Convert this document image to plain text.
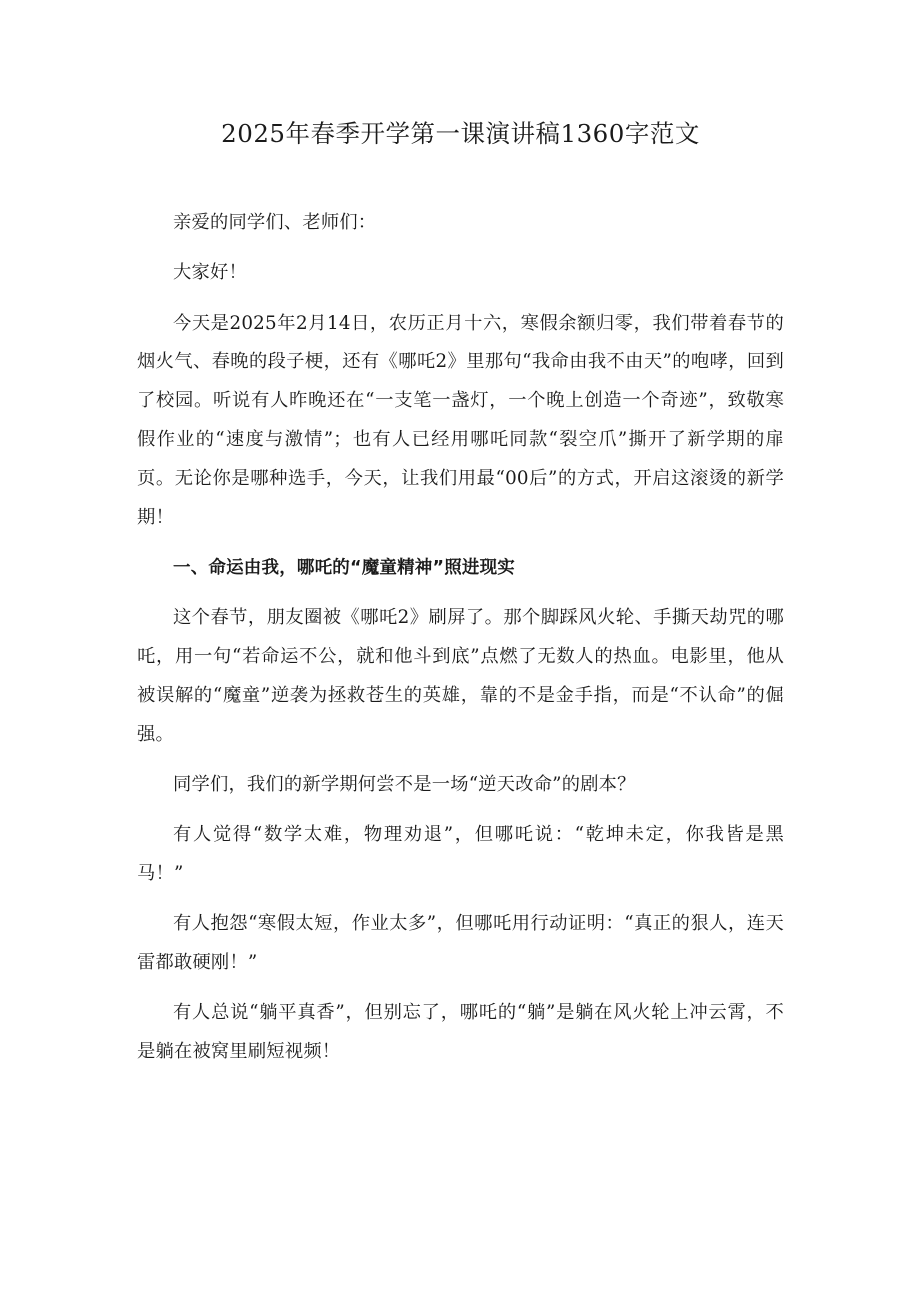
2025年春季开学第一课演讲稿1360字范文

亲爱的同学们、老师们：

大家好！

今天是2025年2月14日，农历正月十六，寒假余额归零，我们带着春节的烟火气、春晚的段子梗，还有《哪吒2》里那句“我命由我不由天”的咆哮，回到了校园。听说有人昨晚还在“一支笔一盏灯，一个晚上创造一个奇迹”，致敬寒假作业的“速度与激情”；也有人已经用哪吒同款“裂空爪”撕开了新学期的扉页。无论你是哪种选手，今天，让我们用最“00后”的方式，开启这滚烫的新学期！

一、命运由我，哪吒的“魔童精神”照进现实

这个春节，朋友圈被《哪吒2》刷屏了。那个脚踩风火轮、手撕天劫咒的哪吒，用一句“若命运不公，就和他斗到底”点燃了无数人的热血。电影里，他从被误解的“魔童”逆袭为拯救苍生的英雄，靠的不是金手指，而是“不认命”的倔强。

同学们，我们的新学期何尝不是一场“逆天改命”的剧本？

有人觉得“数学太难，物理劝退”，但哪吒说：“乾坤未定，你我皆是黑马！”

有人抱怨“寒假太短，作业太多”，但哪吒用行动证明：“真正的狠人，连天雷都敢硬刚！”

有人总说“躺平真香”，但别忘了，哪吒的“躺”是躺在风火轮上冲云霄，不是躺在被窝里刷短视频！
